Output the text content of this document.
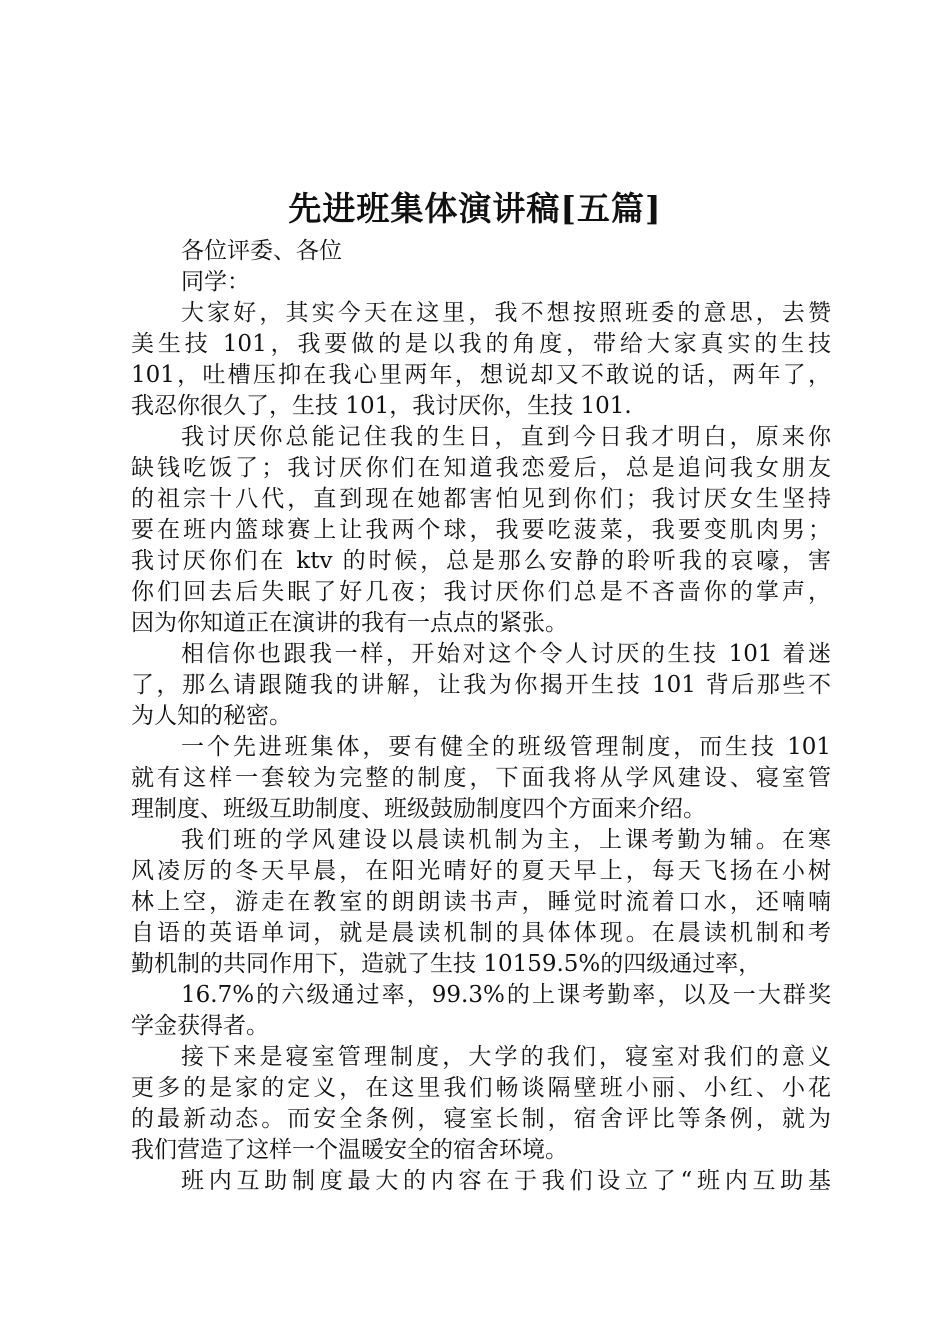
先进班集体演讲稿[五篇]
各位评委、各位
同学：
大家好，其实今天在这里，我不想按照班委的意思，去赞
美生技 101，我要做的是以我的角度，带给大家真实的生技
101，吐槽压抑在我心里两年，想说却又不敢说的话，两年了，
我忍你很久了，生技 101，我讨厌你，生技 101.
我讨厌你总能记住我的生日，直到今日我才明白，原来你
缺钱吃饭了；我讨厌你们在知道我恋爱后，总是追问我女朋友
的祖宗十八代，直到现在她都害怕见到你们；我讨厌女生坚持
要在班内篮球赛上让我两个球，我要吃菠菜，我要变肌肉男；
我讨厌你们在 ktv 的时候，总是那么安静的聆听我的哀嚎，害
你们回去后失眠了好几夜；我讨厌你们总是不吝啬你的掌声，
因为你知道正在演讲的我有一点点的紧张。
相信你也跟我一样，开始对这个令人讨厌的生技 101 着迷
了，那么请跟随我的讲解，让我为你揭开生技 101 背后那些不
为人知的秘密。
一个先进班集体，要有健全的班级管理制度，而生技 101
就有这样一套较为完整的制度，下面我将从学风建设、寝室管
理制度、班级互助制度、班级鼓励制度四个方面来介绍。
我们班的学风建设以晨读机制为主，上课考勤为辅。在寒
风凌厉的冬天早晨，在阳光晴好的夏天早上，每天飞扬在小树
林上空，游走在教室的朗朗读书声，睡觉时流着口水，还喃喃
自语的英语单词，就是晨读机制的具体体现。在晨读机制和考
勤机制的共同作用下，造就了生技 10159.5%的四级通过率，
16.7%的六级通过率，99.3%的上课考勤率，以及一大群奖
学金获得者。
接下来是寝室管理制度，大学的我们，寝室对我们的意义
更多的是家的定义，在这里我们畅谈隔壁班小丽、小红、小花
的最新动态。而安全条例，寝室长制，宿舍评比等条例，就为
我们营造了这样一个温暖安全的宿舍环境。
班内互助制度最大的内容在于我们设立了“班内互助基
